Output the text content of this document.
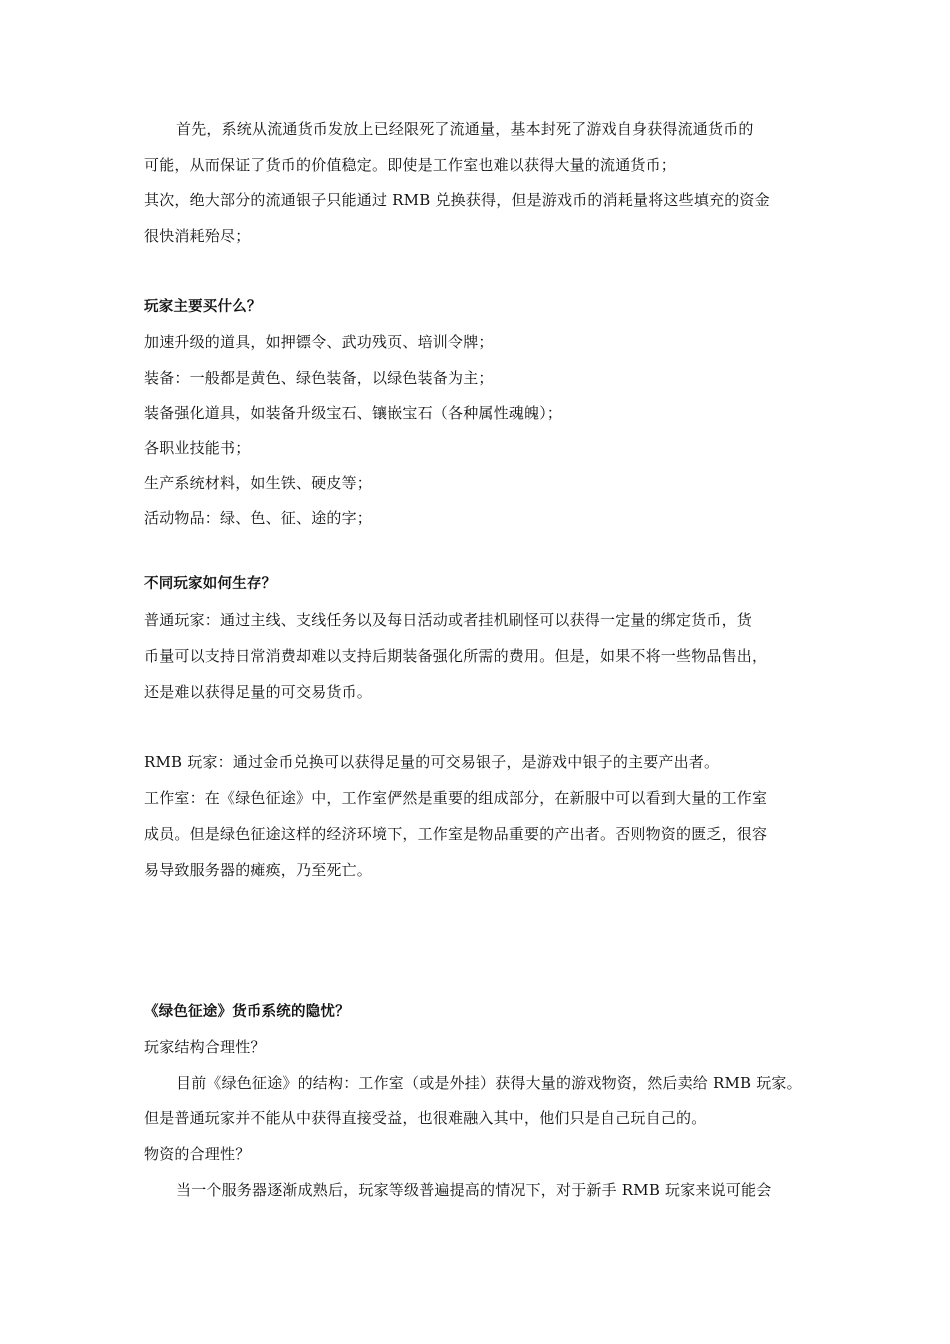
首先，系统从流通货币发放上已经限死了流通量，基本封死了游戏自身获得流通货币的
可能，从而保证了货币的价值稳定。即使是工作室也难以获得大量的流通货币；
其次，绝大部分的流通银子只能通过 RMB 兑换获得，但是游戏币的消耗量将这些填充的资金
很快消耗殆尽；
玩家主要买什么？
加速升级的道具，如押镖令、武功残页、培训令牌；
装备：一般都是黄色、绿色装备，以绿色装备为主；
装备强化道具，如装备升级宝石、镶嵌宝石（各种属性魂魄）；
各职业技能书；
生产系统材料，如生铁、硬皮等；
活动物品：绿、色、征、途的字；
不同玩家如何生存？
普通玩家：通过主线、支线任务以及每日活动或者挂机刷怪可以获得一定量的绑定货币，货
币量可以支持日常消费却难以支持后期装备强化所需的费用。但是，如果不将一些物品售出，
还是难以获得足量的可交易货币。
RMB 玩家：通过金币兑换可以获得足量的可交易银子，是游戏中银子的主要产出者。
工作室：在《绿色征途》中，工作室俨然是重要的组成部分，在新服中可以看到大量的工作室
成员。但是绿色征途这样的经济环境下，工作室是物品重要的产出者。否则物资的匮乏，很容
易导致服务器的瘫痪，乃至死亡。
《绿色征途》货币系统的隐忧？
玩家结构合理性？
目前《绿色征途》的结构：工作室（或是外挂）获得大量的游戏物资，然后卖给 RMB 玩家。
但是普通玩家并不能从中获得直接受益，也很难融入其中，他们只是自己玩自己的。
物资的合理性？
当一个服务器逐渐成熟后，玩家等级普遍提高的情况下，对于新手 RMB 玩家来说可能会
